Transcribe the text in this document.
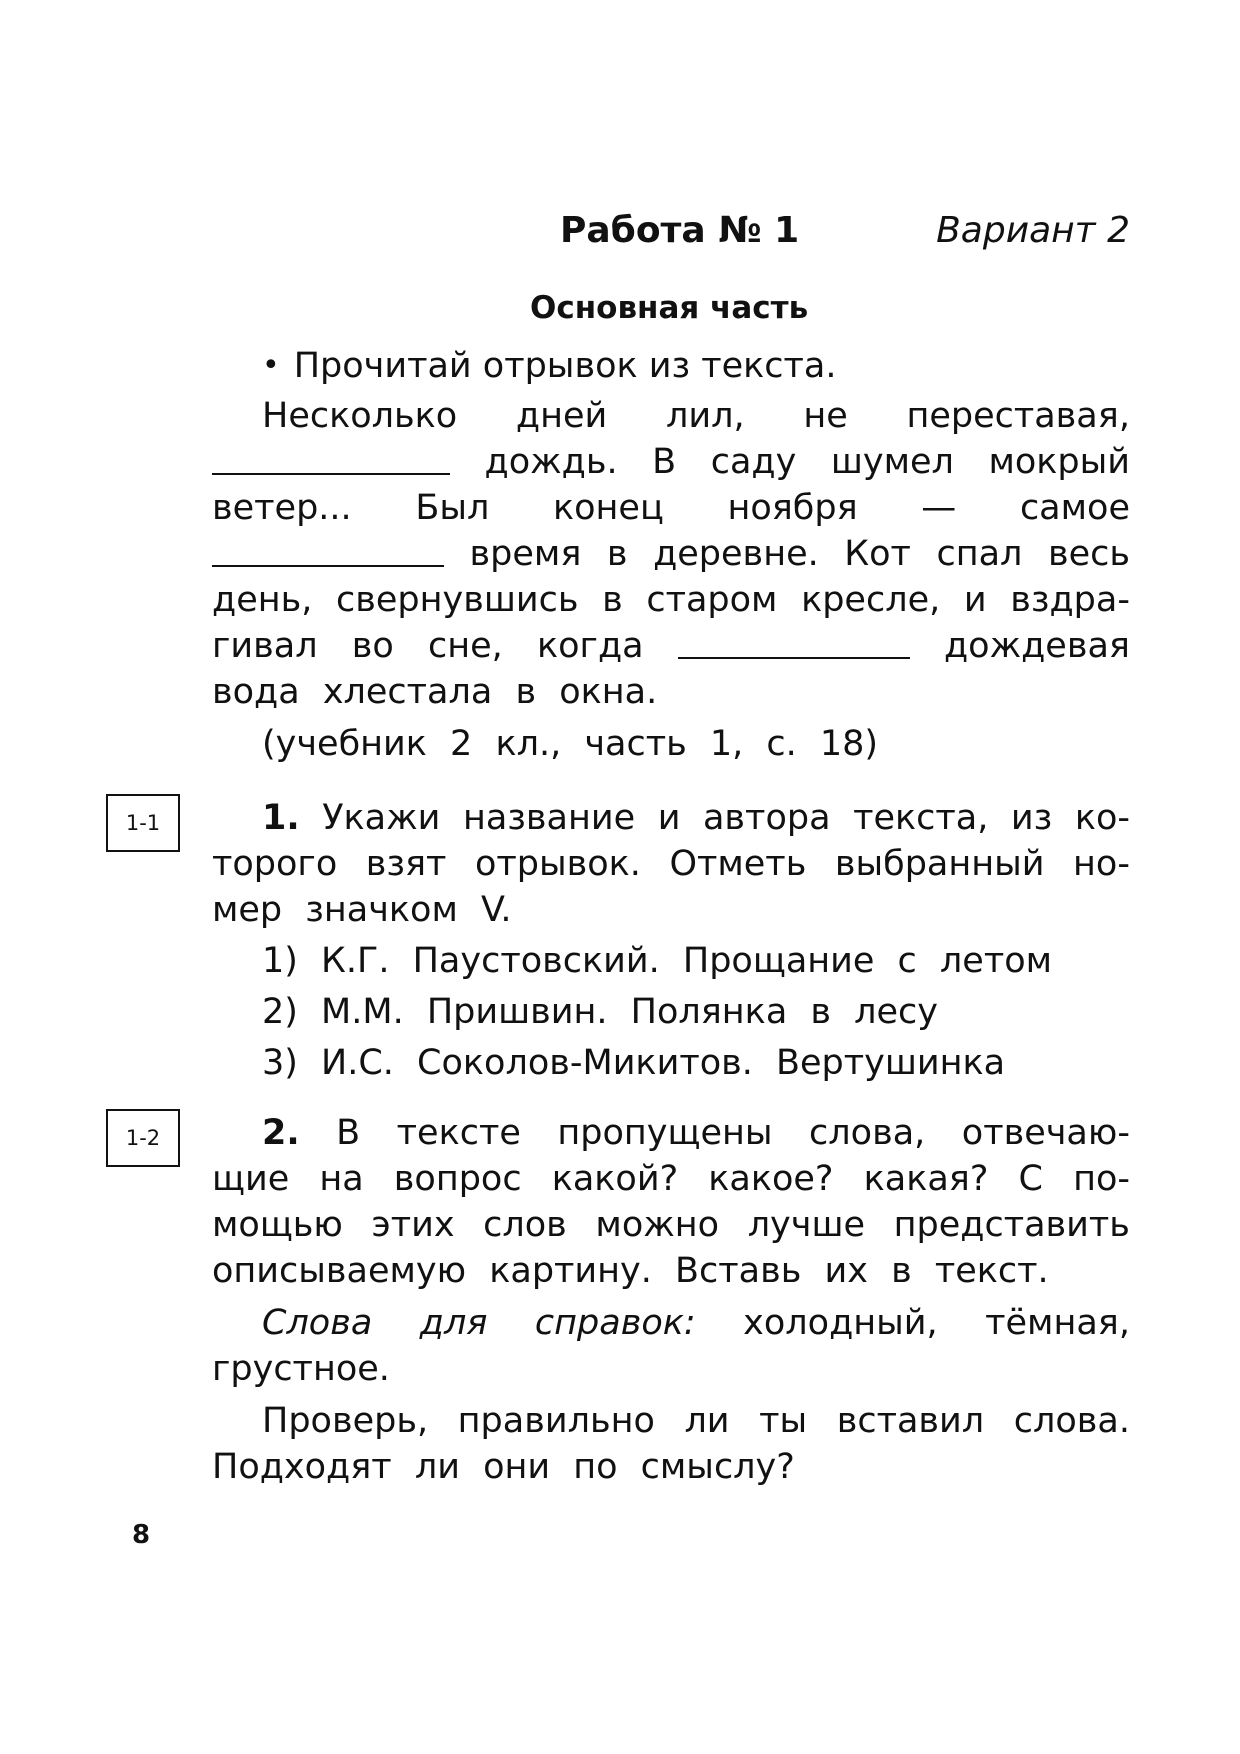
Работа № 1	Вариант 2
Основная часть
• Прочитай отрывок из текста.
Несколько дней лил, не переставая,
дождь. В саду шумел мокрый
ветер... Был конец ноября — самое
время в деревне. Кот спал весь
день, свернувшись в старом кресле, и вздра-
гивал во сне, когда	дождевая
вода хлестала в окна.
(учебник 2 кл., часть 1, с. 18)
1-1	1. Укажи название и автора текста, из ко-
торого взят отрывок. Отметь выбранный но-
мер значком V.
1) К.Г. Паустовский. Прощание с летом
2) М.М. Пришвин. Полянка в лесу
3) И.С. Соколов-Микитов. Вертушинка
1-2	2. В тексте пропущены слова, отвечаю-
щие на вопрос какой? какое? какая? С по-
мощью этих слов можно лучше представить
описываемую картину. Вставь их в текст.
Слова для справок: холодный, тёмная,
грустное.
Проверь, правильно ли ты вставил слова.
Подходят ли они по смыслу?
8
